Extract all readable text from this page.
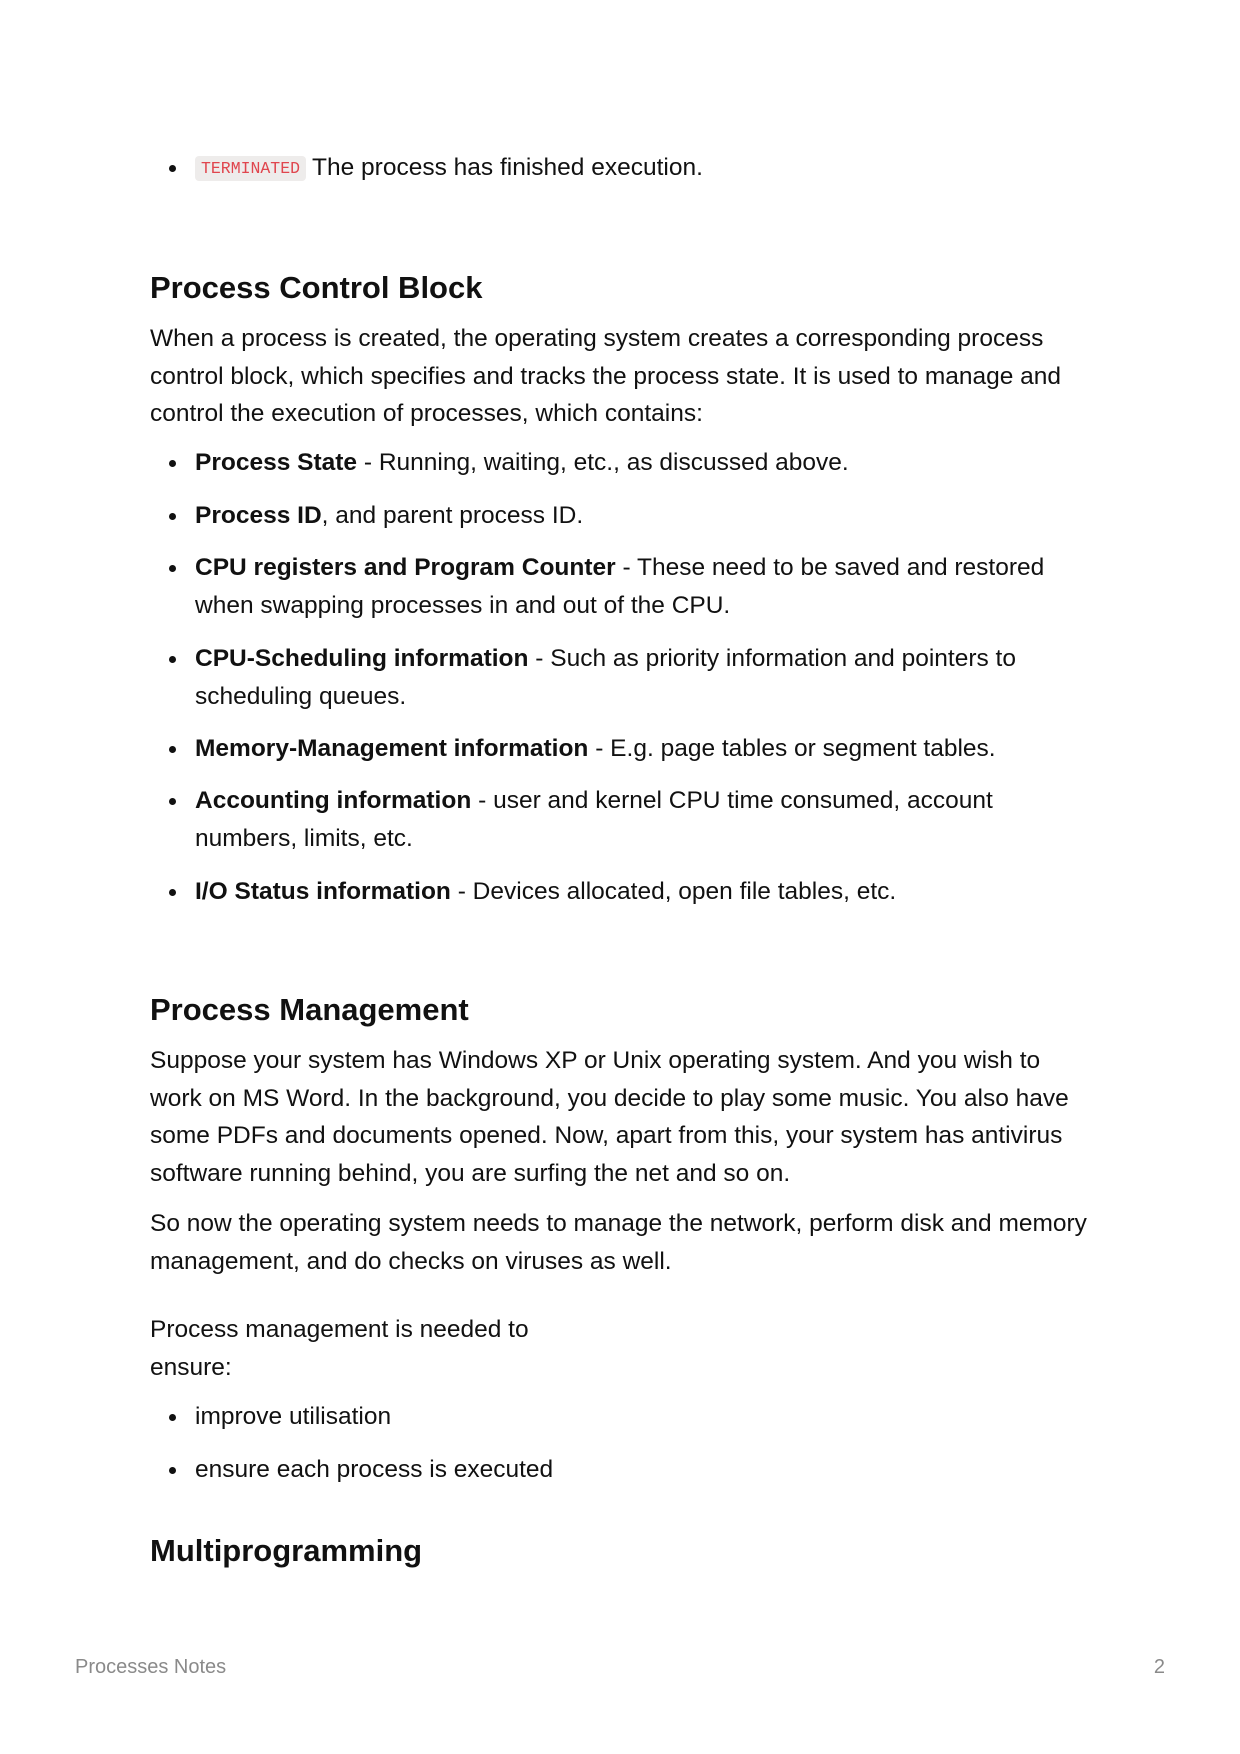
TERMINATED The process has finished execution.
Process Control Block

When a process is created, the operating system creates a corresponding process control block, which specifies and tracks the process state. It is used to manage and control the execution of processes, which contains:

Process State - Running, waiting, etc., as discussed above.
Process ID, and parent process ID.
CPU registers and Program Counter - These need to be saved and restored when swapping processes in and out of the CPU.
CPU-Scheduling information - Such as priority information and pointers to scheduling queues.
Memory-Management information - E.g. page tables or segment tables.
Accounting information - user and kernel CPU time consumed, account numbers, limits, etc.
I/O Status information - Devices allocated, open file tables, etc.
Process Management

Suppose your system has Windows XP or Unix operating system. And you wish to work on MS Word. In the background, you decide to play some music. You also have some PDFs and documents opened. Now, apart from this, your system has antivirus software running behind, you are surfing the net and so on.

So now the operating system needs to manage the network, perform disk and memory management, and do checks on viruses as well.

Process management is needed to
ensure:

improve utilisation
ensure each process is executed
Multiprogramming
Processes Notes	2
